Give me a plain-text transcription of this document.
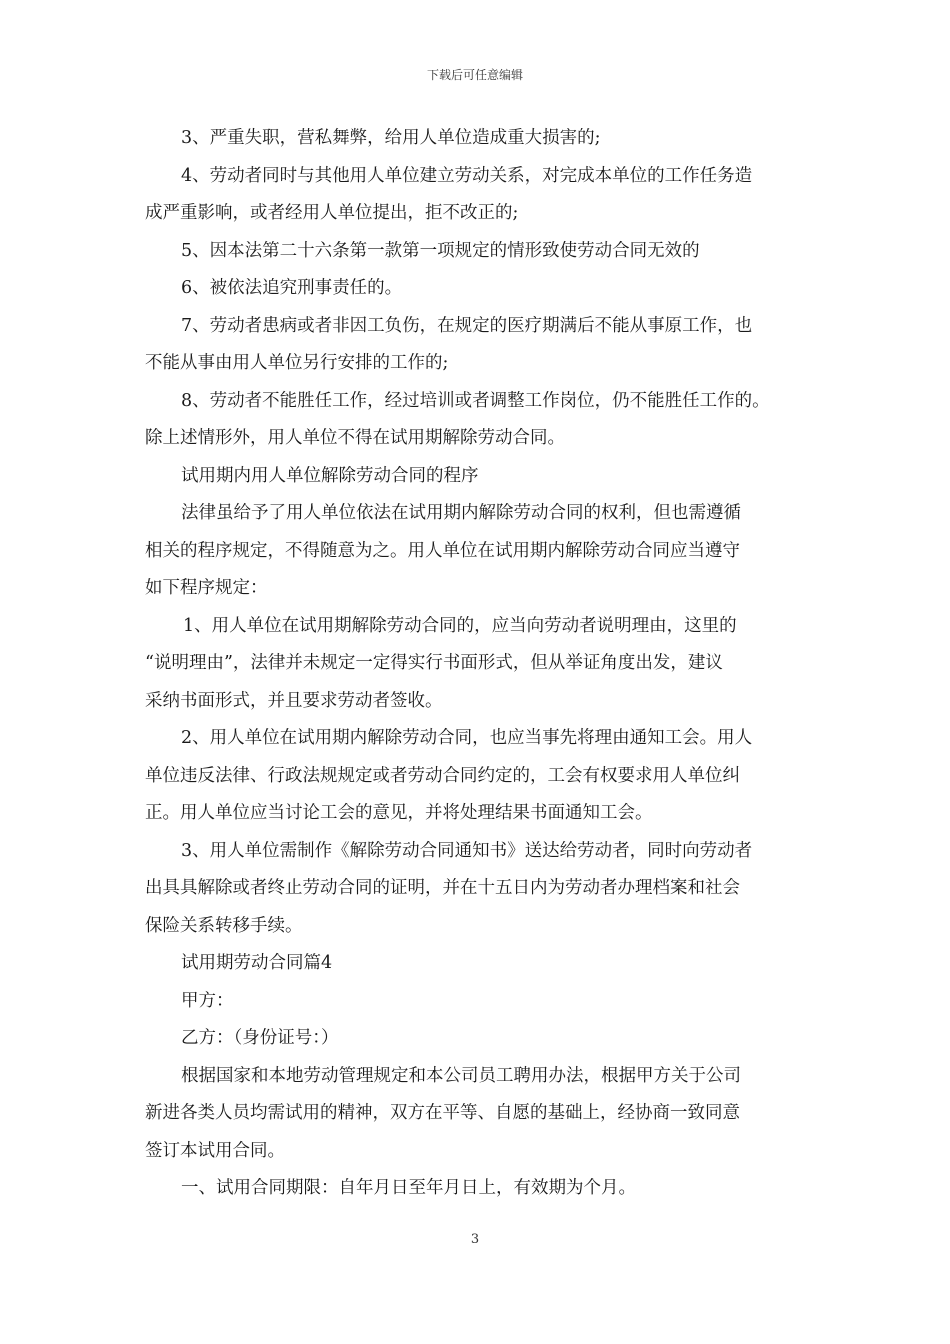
下载后可任意编辑

3、严重失职，营私舞弊，给用人单位造成重大损害的;

4、劳动者同时与其他用人单位建立劳动关系，对完成本单位的工作任务造

成严重影响，或者经用人单位提出，拒不改正的;

5、因本法第二十六条第一款第一项规定的情形致使劳动合同无效的

6、被依法追究刑事责任的。

7、劳动者患病或者非因工负伤，在规定的医疗期满后不能从事原工作，也

不能从事由用人单位另行安排的工作的;

8、劳动者不能胜任工作，经过培训或者调整工作岗位，仍不能胜任工作的。

除上述情形外，用人单位不得在试用期解除劳动合同。

试用期内用人单位解除劳动合同的程序

法律虽给予了用人单位依法在试用期内解除劳动合同的权利，但也需遵循

相关的程序规定，不得随意为之。用人单位在试用期内解除劳动合同应当遵守

如下程序规定：

1、用人单位在试用期解除劳动合同的，应当向劳动者说明理由，这里的

“说明理由”，法律并未规定一定得实行书面形式，但从举证角度出发，建议

采纳书面形式，并且要求劳动者签收。

2、用人单位在试用期内解除劳动合同，也应当事先将理由通知工会。用人

单位违反法律、行政法规规定或者劳动合同约定的，工会有权要求用人单位纠

正。用人单位应当讨论工会的意见，并将处理结果书面通知工会。

3、用人单位需制作《解除劳动合同通知书》送达给劳动者，同时向劳动者

出具具解除或者终止劳动合同的证明，并在十五日内为劳动者办理档案和社会

保险关系转移手续。

试用期劳动合同篇4

甲方：

乙方：（身份证号：）

根据国家和本地劳动管理规定和本公司员工聘用办法，根据甲方关于公司

新进各类人员均需试用的精神，双方在平等、自愿的基础上，经协商一致同意

签订本试用合同。

一、试用合同期限：自年月日至年月日上，有效期为个月。

3
